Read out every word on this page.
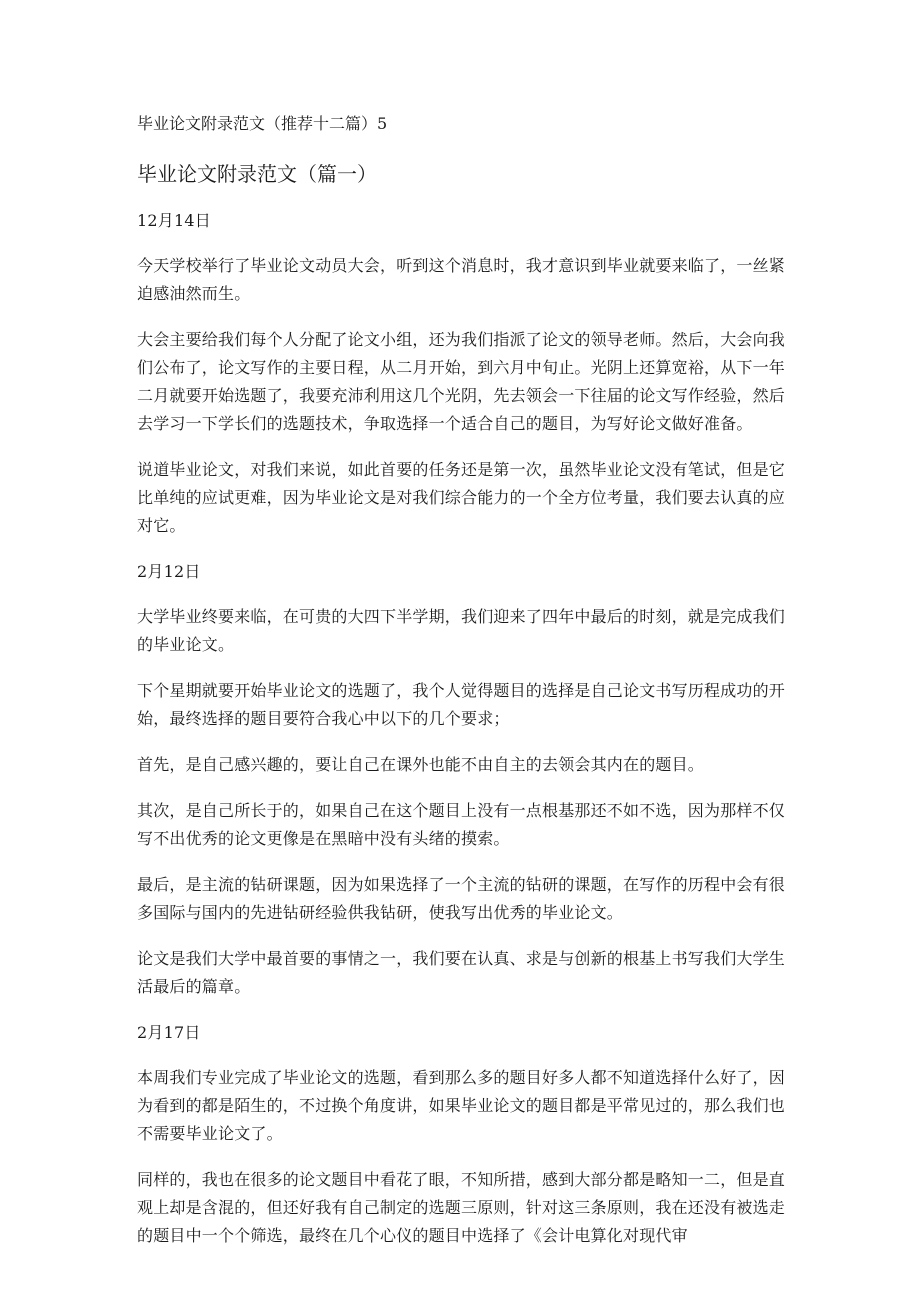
毕业论文附录范文（推荐十二篇）5
毕业论文附录范文（篇一）

12月14日

今天学校举行了毕业论文动员大会，听到这个消息时，我才意识到毕业就要来临了，一丝紧迫感油然而生。

大会主要给我们每个人分配了论文小组，还为我们指派了论文的领导老师。然后，大会向我们公布了，论文写作的主要日程，从二月开始，到六月中旬止。光阴上还算宽裕，从下一年二月就要开始选题了，我要充沛利用这几个光阴，先去领会一下往届的论文写作经验，然后去学习一下学长们的选题技术，争取选择一个适合自己的题目，为写好论文做好准备。

说道毕业论文，对我们来说，如此首要的任务还是第一次，虽然毕业论文没有笔试，但是它比单纯的应试更难，因为毕业论文是对我们综合能力的一个全方位考量，我们要去认真的应对它。

2月12日

大学毕业终要来临，在可贵的大四下半学期，我们迎来了四年中最后的时刻，就是完成我们的毕业论文。

下个星期就要开始毕业论文的选题了，我个人觉得题目的选择是自己论文书写历程成功的开始，最终选择的题目要符合我心中以下的几个要求；

首先，是自己感兴趣的，要让自己在课外也能不由自主的去领会其内在的题目。

其次，是自己所长于的，如果自己在这个题目上没有一点根基那还不如不选，因为那样不仅写不出优秀的论文更像是在黑暗中没有头绪的摸索。

最后，是主流的钻研课题，因为如果选择了一个主流的钻研的课题，在写作的历程中会有很多国际与国内的先进钻研经验供我钻研，使我写出优秀的毕业论文。

论文是我们大学中最首要的事情之一，我们要在认真、求是与创新的根基上书写我们大学生活最后的篇章。

2月17日

本周我们专业完成了毕业论文的选题，看到那么多的题目好多人都不知道选择什么好了，因为看到的都是陌生的，不过换个角度讲，如果毕业论文的题目都是平常见过的，那么我们也不需要毕业论文了。

同样的，我也在很多的论文题目中看花了眼，不知所措，感到大部分都是略知一二，但是直观上却是含混的，但还好我有自己制定的选题三原则，针对这三条原则，我在还没有被选走的题目中一个个筛选，最终在几个心仪的题目中选择了《会计电算化对现代审
